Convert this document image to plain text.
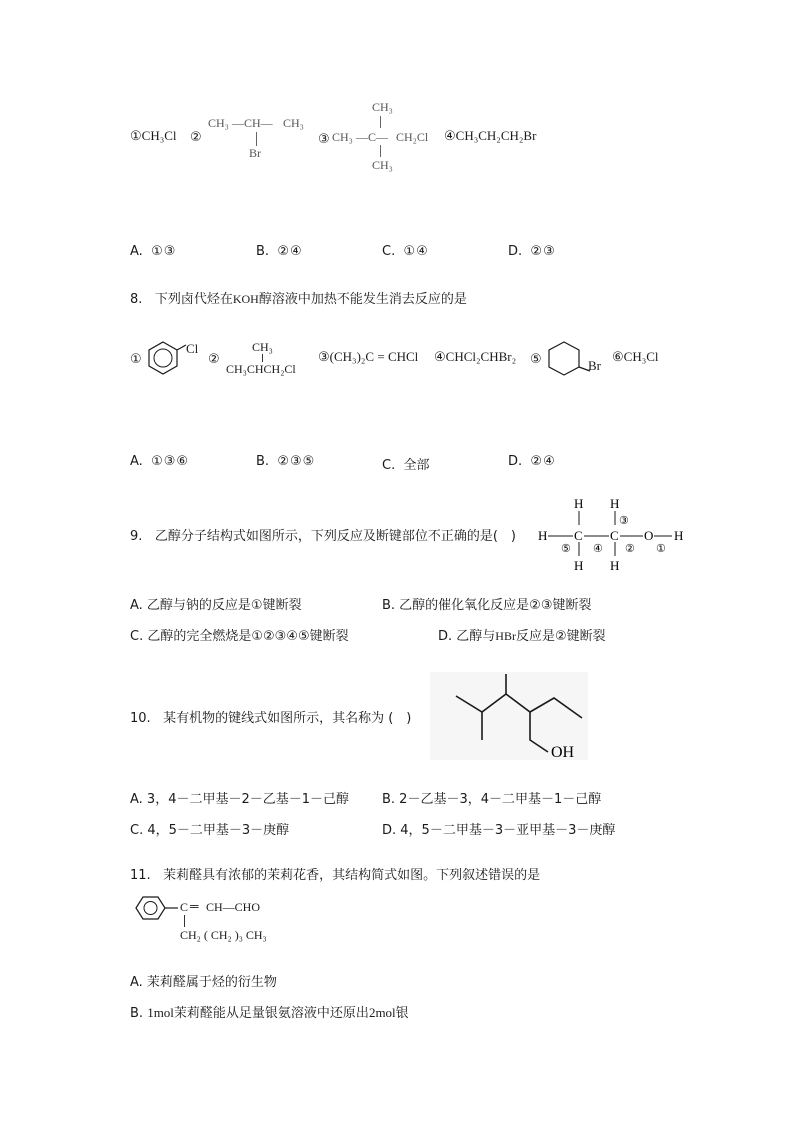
①CH₃Cl ②
CH₃ —CH— CH₃
Br
③
CH₃
CH₃ —C— CH₂Cl
CH₃
④CH₃CH₂CH₂Br
A. ①③	B. ②④	C. ①④	D. ②③
8. 下列卤代烃在KOH醇溶液中加热不能发生消去反应的是
①
Cl
②
CH₃
CH₃CHCH₂Cl
③(CH₃)₂C = CHCl ④CHCl₂CHBr₂ ⑤	Br
⑥CH₃Cl
A. ①③⑥	B. ②③⑤	C. 全部	D. ②④
9. 乙醇分子结构式如图所示，下列反应及断键部位不正确的是(　)
H H
③
H C C O H
⑤ ④ ② ①
H H
A. 乙醇与钠的反应是①键断裂	B. 乙醇的催化氧化反应是②③键断裂
C. 乙醇的完全燃烧是①②③④⑤键断裂	D. 乙醇与HBr反应是②键断裂
10. 某有机物的键线式如图所示，其名称为 (　)
OH
A. 3，4－二甲基－2－乙基－1－己醇	B. 2－乙基－3，4－二甲基－1－己醇
C. 4，5－二甲基－3－庚醇	D. 4，5－二甲基－3－亚甲基－3－庚醇
11. 茉莉醛具有浓郁的茉莉花香，其结构简式如图。下列叙述错误的是
C ═ CH—CHO
CH₂ ( CH₂ )₃ CH₃
A. 茉莉醛属于烃的衍生物
B. 1mol茉莉醛能从足量银氨溶液中还原出2mol银
